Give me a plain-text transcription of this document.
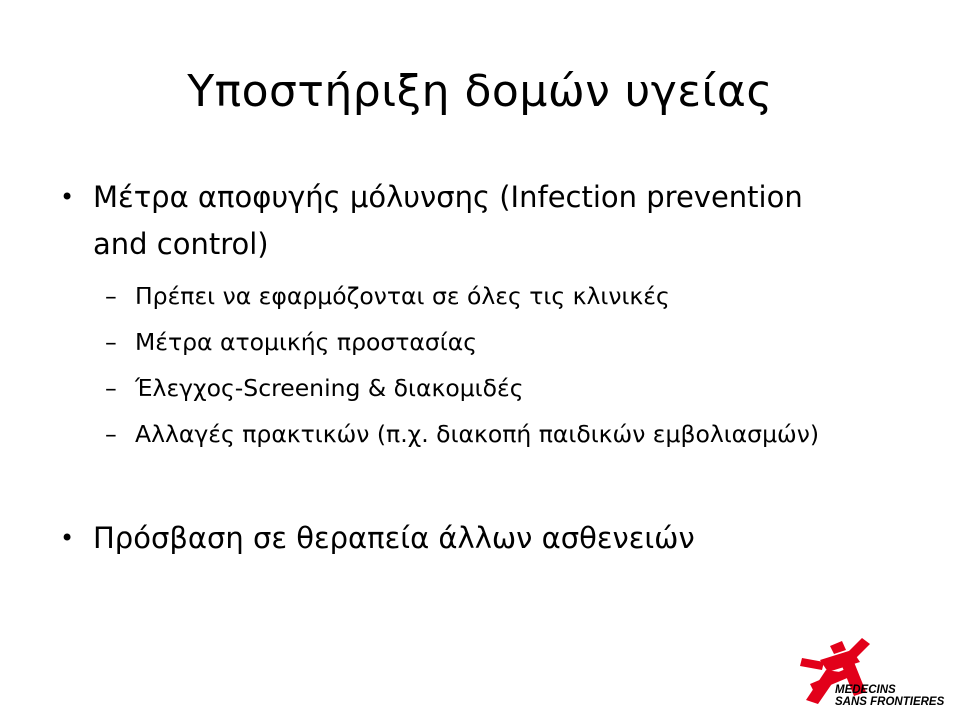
Υποστήριξη δομών υγείας
• Μέτρα αποφυγής μόλυνσης (Infection prevention
and control)
– Πρέπει να εφαρμόζονται σε όλες τις κλινικές
– Μέτρα ατομικής προστασίας
– Έλεγχος-Screening & διακομιδές
– Αλλαγές πρακτικών (π.χ. διακοπή παιδικών εμβολιασμών)
• Πρόσβαση σε θεραπεία άλλων ασθενειών
MEDECINS
SANS FRONTIERES
